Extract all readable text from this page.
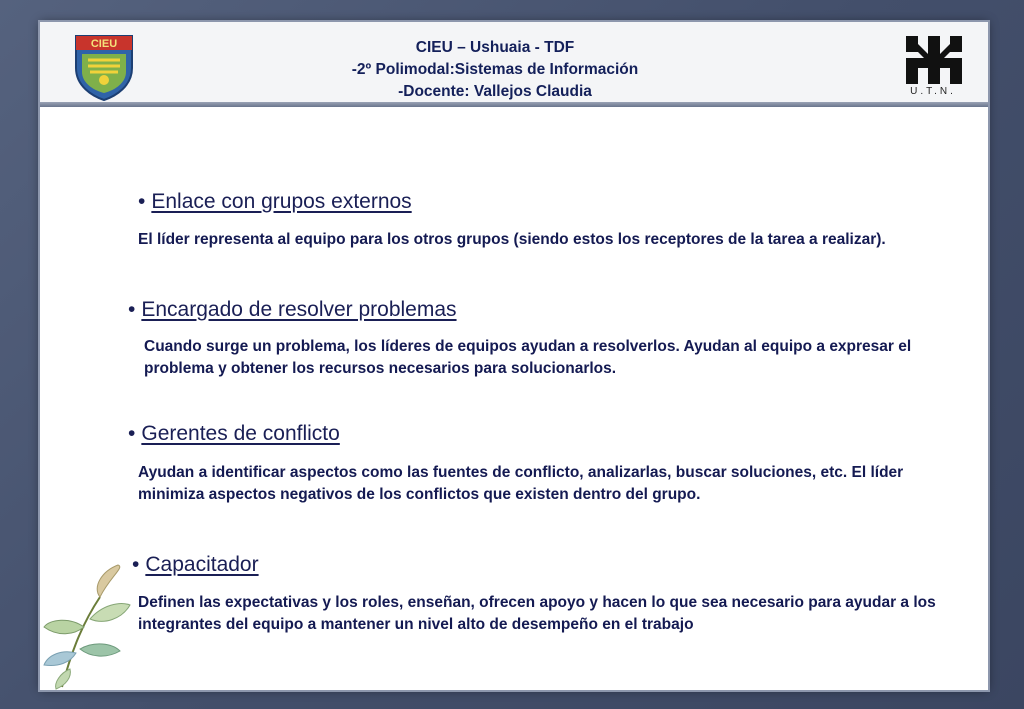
CIEU	CIEU – Ushuaia - TDF
-2º Polimodal:Sistemas de Información
-Docente: Vallejos Claudia	U.T.N.
• Enlace con grupos externos
El líder representa al equipo para los otros grupos (siendo estos los receptores de la tarea a realizar).
• Encargado de resolver problemas
Cuando surge un problema, los líderes de equipos ayudan a resolverlos. Ayudan al equipo a expresar el problema y obtener los recursos necesarios para solucionarlos.
• Gerentes de conflicto
Ayudan a identificar aspectos como las fuentes de conflicto, analizarlas, buscar soluciones, etc. El líder minimiza aspectos negativos de los conflictos que existen dentro del grupo.
• Capacitador
Definen las expectativas y los roles, enseñan, ofrecen apoyo y hacen lo que sea necesario para ayudar a los integrantes del equipo a mantener un nivel alto de desempeño en el trabajo
